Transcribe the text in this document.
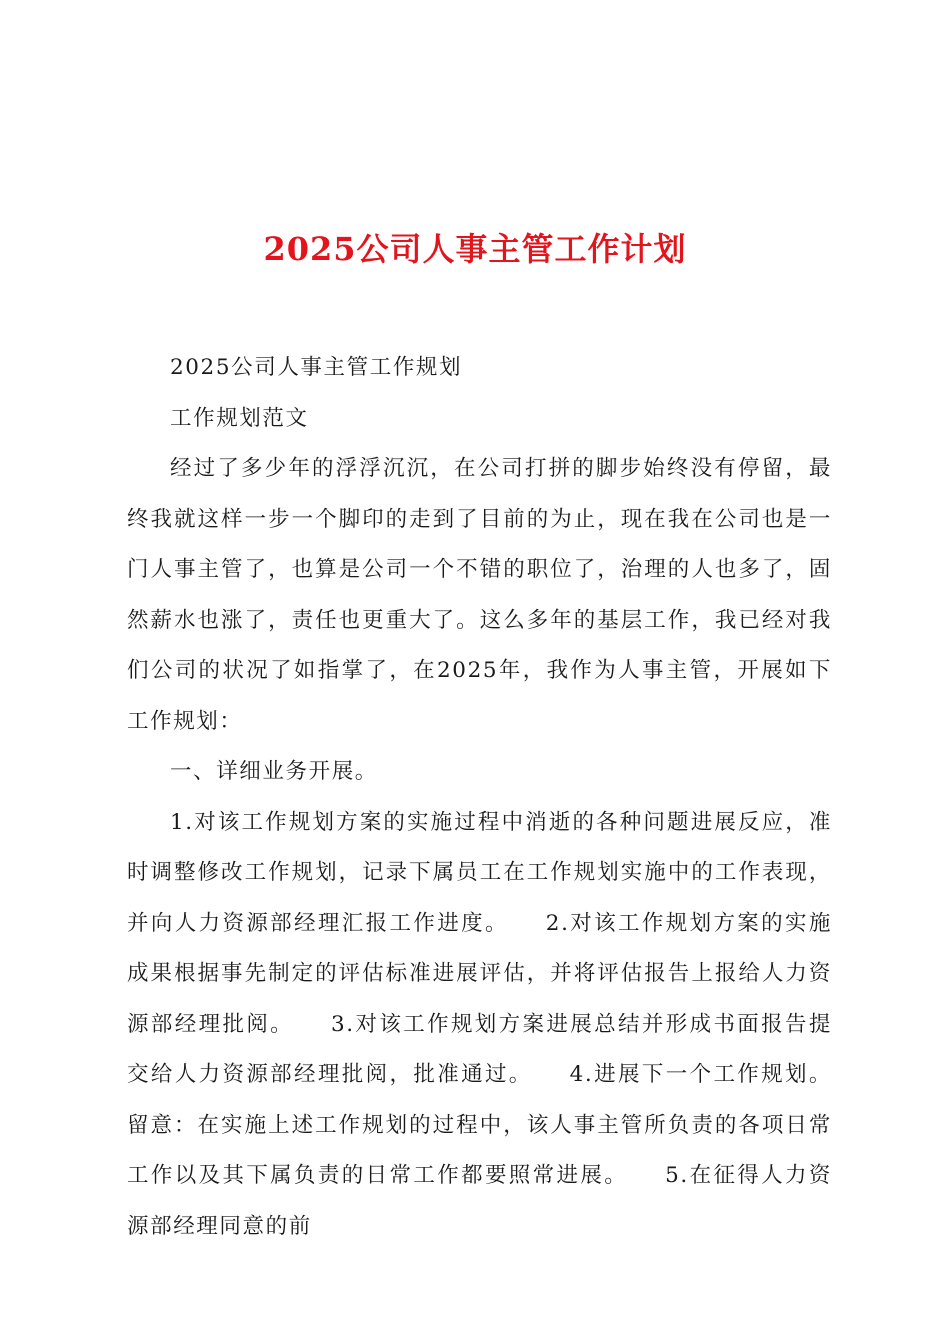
2025公司人事主管工作计划

2025公司人事主管工作规划

工作规划范文

经过了多少年的浮浮沉沉，在公司打拼的脚步始终没有停留，最终我就这样一步一个脚印的走到了目前的为止，现在我在公司也是一门人事主管了，也算是公司一个不错的职位了，治理的人也多了，固然薪水也涨了，责任也更重大了。这么多年的基层工作，我已经对我们公司的状况了如指掌了，在2025年，我作为人事主管，开展如下工作规划：

一、详细业务开展。

1.对该工作规划方案的实施过程中消逝的各种问题进展反应，准时调整修改工作规划，记录下属员工在工作规划实施中的工作表现，并向人力资源部经理汇报工作进度。　　2.对该工作规划方案的实施成果根据事先制定的评估标准进展评估，并将评估报告上报给人力资源部经理批阅。　　3.对该工作规划方案进展总结并形成书面报告提交给人力资源部经理批阅，批准通过。　　4.进展下一个工作规划。留意：在实施上述工作规划的过程中，该人事主管所负责的各项日常工作以及其下属负责的日常工作都要照常进展。　　5.在征得人力资源部经理同意的前
